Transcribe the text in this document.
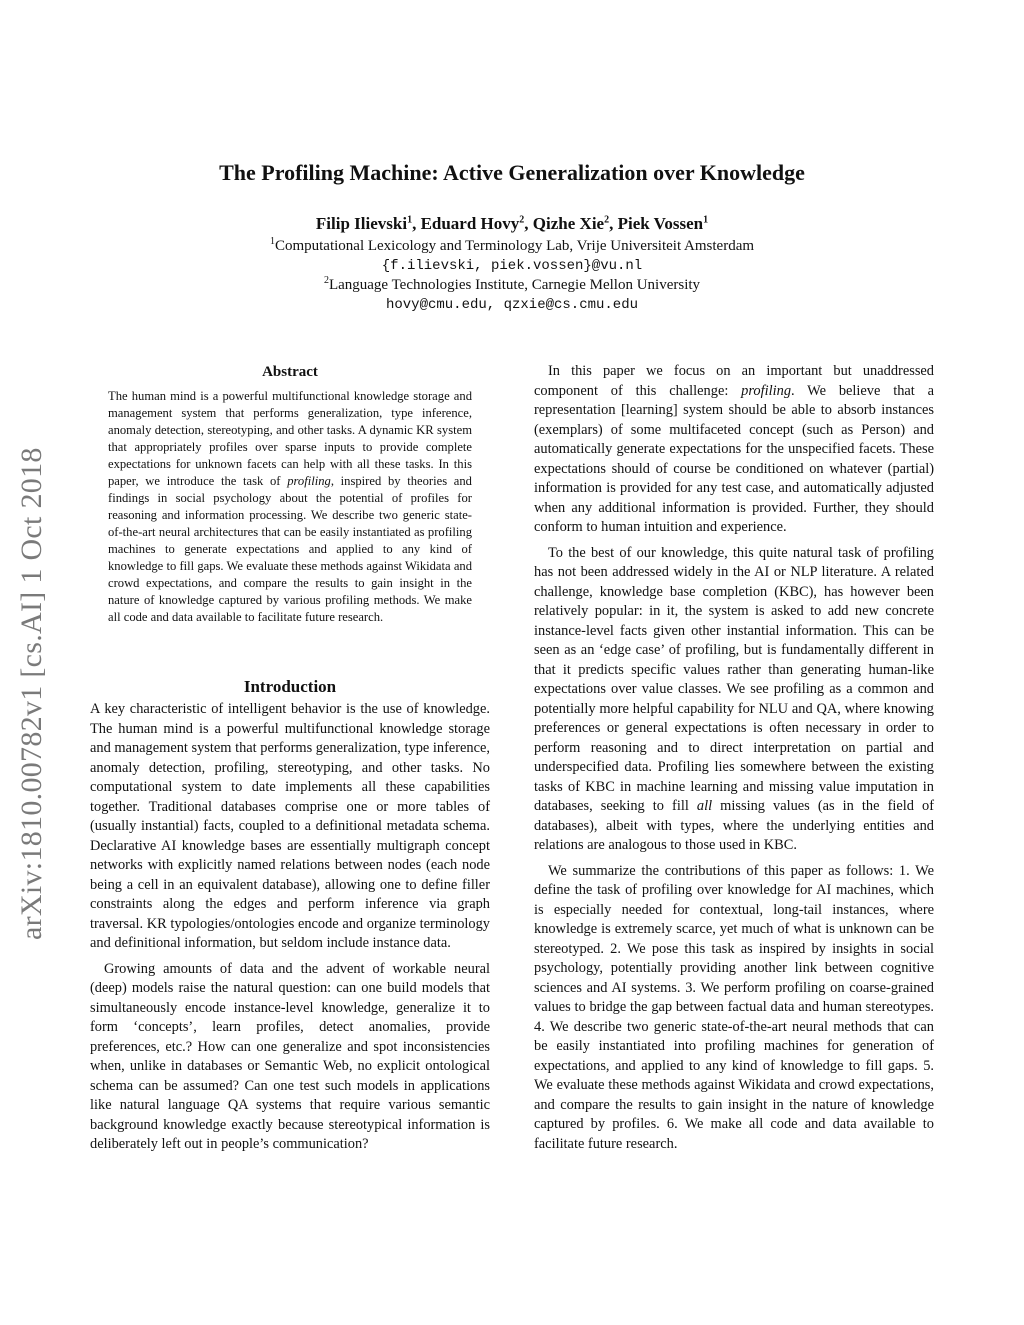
arXiv:1810.00782v1 [cs.AI] 1 Oct 2018
The Profiling Machine: Active Generalization over Knowledge
Filip Ilievski$^1$, Eduard Hovy$^2$, Qizhe Xie$^2$, Piek Vossen$^1$
$^1$Computational Lexicology and Terminology Lab, Vrije Universiteit Amsterdam
{f.ilievski, piek.vossen}@vu.nl
$^2$Language Technologies Institute, Carnegie Mellon University
hovy@cmu.edu, qzxie@cs.cmu.edu
Abstract

The human mind is a powerful multifunctional knowledge storage and management system that performs generalization, type inference, anomaly detection, stereotyping, and other tasks. A dynamic KR system that appropriately profiles over sparse inputs to provide complete expectations for unknown facets can help with all these tasks. In this paper, we introduce the task of profiling, inspired by theories and findings in social psychology about the potential of profiles for reasoning and information processing. We describe two generic state-of-the-art neural architectures that can be easily instantiated as profiling machines to generate expectations and applied to any kind of knowledge to fill gaps. We evaluate these methods against Wikidata and crowd expectations, and compare the results to gain insight in the nature of knowledge captured by various profiling methods. We make all code and data available to facilitate future research.

Introduction

A key characteristic of intelligent behavior is the use of knowledge. The human mind is a powerful multifunctional knowledge storage and management system that performs generalization, type inference, anomaly detection, profiling, stereotyping, and other tasks. No computational system to date implements all these capabilities together. Traditional databases comprise one or more tables of (usually instantial) facts, coupled to a definitional metadata schema. Declarative AI knowledge bases are essentially multigraph concept networks with explicitly named relations between nodes (each node being a cell in an equivalent database), allowing one to define filler constraints along the edges and perform inference via graph traversal. KR typologies/ontologies encode and organize terminology and definitional information, but seldom include instance data.

Growing amounts of data and the advent of workable neural (deep) models raise the natural question: can one build models that simultaneously encode instance-level knowledge, generalize it to form ‘concepts’, learn profiles, detect anomalies, provide preferences, etc.? How can one generalize and spot inconsistencies when, unlike in databases or Semantic Web, no explicit ontological schema can be assumed? Can one test such models in applications like natural language QA systems that require various semantic background knowledge exactly because stereotypical information is deliberately left out in people’s communication?

In this paper we focus on an important but unaddressed component of this challenge: profiling. We believe that a representation [learning] system should be able to absorb instances (exemplars) of some multifaceted concept (such as Person) and automatically generate expectations for the unspecified facets. These expectations should of course be conditioned on whatever (partial) information is provided for any test case, and automatically adjusted when any additional information is provided. Further, they should conform to human intuition and experience.

To the best of our knowledge, this quite natural task of profiling has not been addressed widely in the AI or NLP literature. A related challenge, knowledge base completion (KBC), has however been relatively popular: in it, the system is asked to add new concrete instance-level facts given other instantial information. This can be seen as an ‘edge case’ of profiling, but is fundamentally different in that it predicts specific values rather than generating human-like expectations over value classes. We see profiling as a common and potentially more helpful capability for NLU and QA, where knowing preferences or general expectations is often necessary in order to perform reasoning and to direct interpretation on partial and underspecified data. Profiling lies somewhere between the existing tasks of KBC in machine learning and missing value imputation in databases, seeking to fill all missing values (as in the field of databases), albeit with types, where the underlying entities and relations are analogous to those used in KBC.

We summarize the contributions of this paper as follows: 1. We define the task of profiling over knowledge for AI machines, which is especially needed for contextual, long-tail instances, where knowledge is extremely scarce, yet much of what is unknown can be stereotyped. 2. We pose this task as inspired by insights in social psychology, potentially providing another link between cognitive sciences and AI systems. 3. We perform profiling on coarse-grained values to bridge the gap between factual data and human stereotypes. 4. We describe two generic state-of-the-art neural methods that can be easily instantiated into profiling machines for generation of expectations, and applied to any kind of knowledge to fill gaps. 5. We evaluate these methods against Wikidata and crowd expectations, and compare the results to gain insight in the nature of knowledge captured by profiles. 6. We make all code and data available to facilitate future research.
